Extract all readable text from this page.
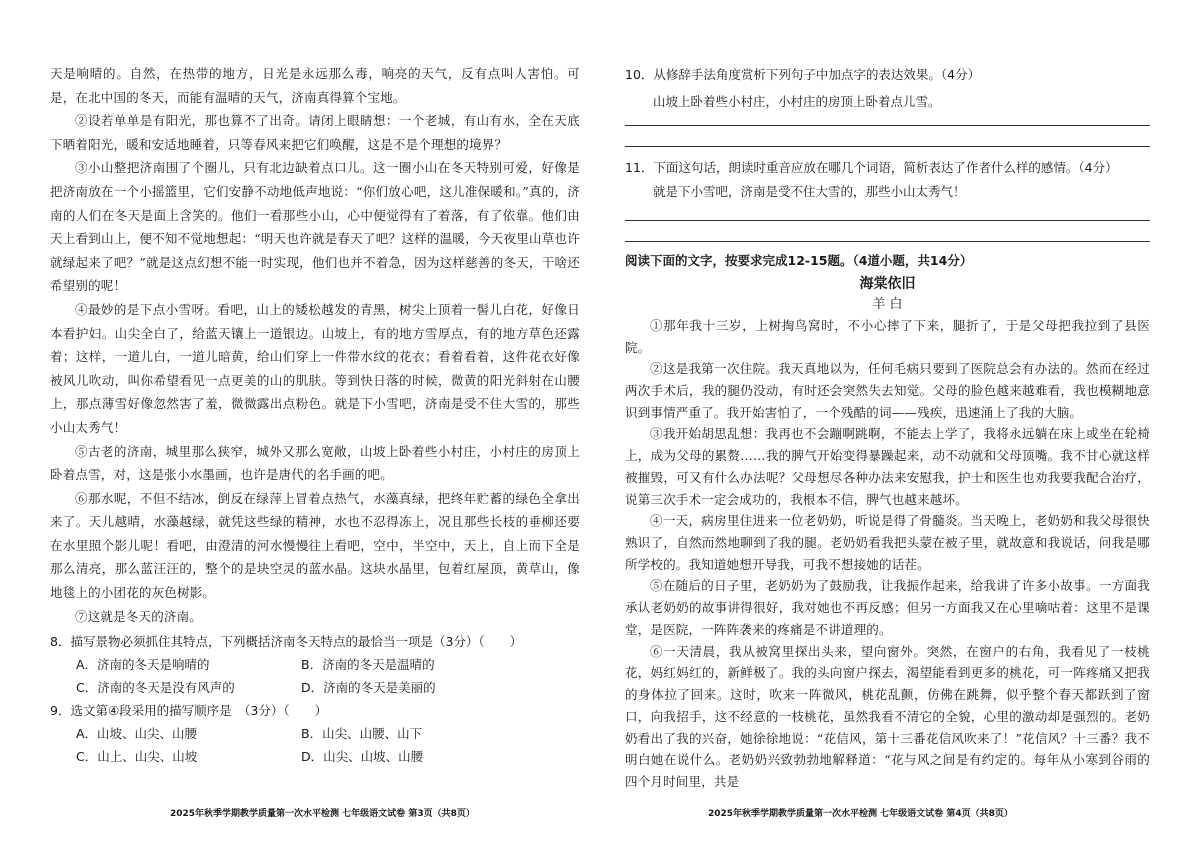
天是响晴的。自然，在热带的地方，日光是永远那么毒，响亮的天气，反有点叫人害怕。可是，在北中国的冬天，而能有温晴的天气，济南真得算个宝地。

②设若单单是有阳光，那也算不了出奇。请闭上眼睛想：一个老城，有山有水，全在天底下晒着阳光，暖和安适地睡着，只等春风来把它们唤醒，这是不是个理想的境界？

③小山整把济南围了个圈儿，只有北边缺着点口儿。这一圈小山在冬天特别可爱，好像是把济南放在一个小摇篮里，它们安静不动地低声地说：“你们放心吧，这儿准保暖和。”真的，济南的人们在冬天是面上含笑的。他们一看那些小山，心中便觉得有了着落，有了依靠。他们由天上看到山上，便不知不觉地想起：“明天也许就是春天了吧？这样的温暖，今天夜里山草也许就绿起来了吧？”就是这点幻想不能一时实现，他们也并不着急，因为这样慈善的冬天，干啥还希望别的呢！

④最妙的是下点小雪呀。看吧，山上的矮松越发的青黑，树尖上顶着一髻儿白花，好像日本看护妇。山尖全白了，给蓝天镶上一道银边。山坡上，有的地方雪厚点，有的地方草色还露着；这样，一道儿白，一道儿暗黄，给山们穿上一件带水纹的花衣；看着看着，这件花衣好像被风儿吹动，叫你希望看见一点更美的山的肌肤。等到快日落的时候，微黄的阳光斜射在山腰上，那点薄雪好像忽然害了羞，微微露出点粉色。就是下小雪吧，济南是受不住大雪的，那些小山太秀气！

⑤古老的济南，城里那么狭窄，城外又那么宽敞，山坡上卧着些小村庄，小村庄的房顶上卧着点雪，对，这是张小水墨画，也许是唐代的名手画的吧。

⑥那水呢，不但不结冰，倒反在绿萍上冒着点热气，水藻真绿，把终年贮蓄的绿色全拿出来了。天儿越晴，水藻越绿，就凭这些绿的精神，水也不忍得冻上，况且那些长枝的垂柳还要在水里照个影儿呢！看吧，由澄清的河水慢慢往上看吧，空中，半空中，天上，自上而下全是那么清亮，那么蓝汪汪的，整个的是块空灵的蓝水晶。这块水晶里，包着红屋顶，黄草山，像地毯上的小团花的灰色树影。

⑦这就是冬天的济南。

8．描写景物必须抓住其特点，下列概括济南冬天特点的最恰当一项是（3分）（　　）

A．济南的冬天是响晴的	B．济南的冬天是温晴的
C．济南的冬天是没有风声的	D．济南的冬天是美丽的

9．选文第④段采用的描写顺序是　（3分）（　　）

A．山坡、山尖、山腰	B．山尖、山腰、山下
C．山上、山尖、山坡	D．山尖、山坡、山腰
2025年秋季学期教学质量第一次水平检测 七年级语文试卷 第3页（共8页）

10．从修辞手法角度赏析下列句子中加点字的表达效果。（4分）

山坡上卧着些小村庄，小村庄的房顶上卧着点儿雪。

11．下面这句话，朗读时重音应放在哪几个词语，简析表达了作者什么样的感情。（4分）

就是下小雪吧，济南是受不住大雪的，那些小山太秀气！

阅读下面的文字，按要求完成12-15题。（4道小题，共14分）

海棠依旧

羊 白

①那年我十三岁，上树掏鸟窝时，不小心摔了下来，腿折了，于是父母把我拉到了县医院。

②这是我第一次住院。我天真地以为，任何毛病只要到了医院总会有办法的。然而在经过两次手术后，我的腿仍没动，有时还会突然失去知觉。父母的脸色越来越难看，我也模糊地意识到事情严重了。我开始害怕了，一个残酷的词——残疾，迅速涌上了我的大脑。

③我开始胡思乱想：我再也不会蹦啊跳啊，不能去上学了，我将永远躺在床上或坐在轮椅上，成为父母的累赘……我的脾气开始变得暴躁起来，动不动就和父母顶嘴。我不甘心就这样被摧毁，可又有什么办法呢？父母想尽各种办法来安慰我，护士和医生也劝我要我配合治疗，说第三次手术一定会成功的，我根本不信，脾气也越来越坏。

④一天，病房里住进来一位老奶奶，听说是得了骨髓炎。当天晚上，老奶奶和我父母很快熟识了，自然而然地聊到了我的腿。老奶奶看我把头蒙在被子里，就故意和我说话，问我是哪所学校的。我知道她想开导我，可我不想接她的话茬。

⑤在随后的日子里，老奶奶为了鼓励我，让我振作起来，给我讲了许多小故事。一方面我承认老奶奶的故事讲得很好，我对她也不再反感；但另一方面我又在心里嘀咕着：这里不是课堂，是医院，一阵阵袭来的疼痛是不讲道理的。

⑥一天清晨，我从被窝里探出头来，望向窗外。突然，在窗户的右角，我看见了一枝桃花，妈红妈红的，新鲜极了。我的头向窗户探去，渴望能看到更多的桃花，可一阵疼痛又把我的身体拉了回来。这时，吹来一阵微风，桃花乱颤，仿佛在跳舞，似乎整个春天都跃到了窗口，向我招手，这不经意的一枝桃花，虽然我看不清它的全貌，心里的激动却是强烈的。老奶奶看出了我的兴奋，她徐徐地说：“花信风，第十三番花信风吹来了！”花信风？十三番？我不明白她在说什么。老奶奶兴致勃勃地解释道：“花与风之间是有约定的。每年从小寒到谷雨的四个月时间里，共是

2025年秋季学期教学质量第一次水平检测 七年级语文试卷 第4页（共8页）
